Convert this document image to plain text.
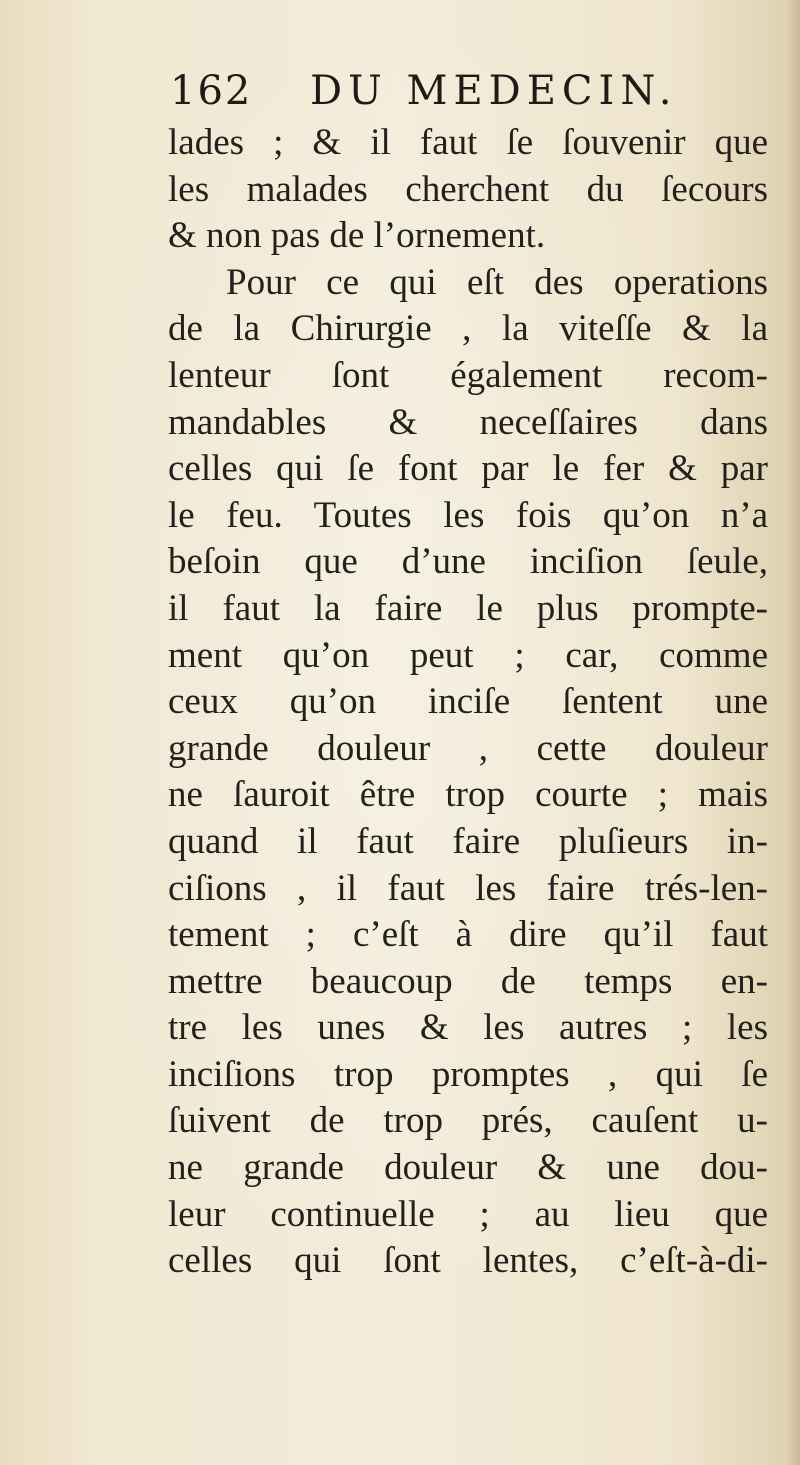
162	DU MEDECIN.
lades ; & il faut ſe ſouvenir que
les malades cherchent du ſecours
& non pas de l’ornement.
Pour ce qui eſt des operations
de la Chirurgie , la viteſſe & la
lenteur ſont également recom-
mandables & neceſſaires dans
celles qui ſe font par le fer & par
le feu. Toutes les fois qu’on n’a
beſoin que d’une inciſion ſeule,
il faut la faire le plus prompte-
ment qu’on peut ; car, comme
ceux qu’on inciſe ſentent une
grande douleur , cette douleur
ne ſauroit être trop courte ; mais
quand il faut faire pluſieurs in-
ciſions , il faut les faire trés-len-
tement ; c’eſt à dire qu’il faut
mettre beaucoup de temps en-
tre les unes & les autres ; les
inciſions trop promptes , qui ſe
ſuivent de trop prés, cauſent u-
ne grande douleur & une dou-
leur continuelle ; au lieu que
celles qui ſont lentes, c’eſt-à-di-
